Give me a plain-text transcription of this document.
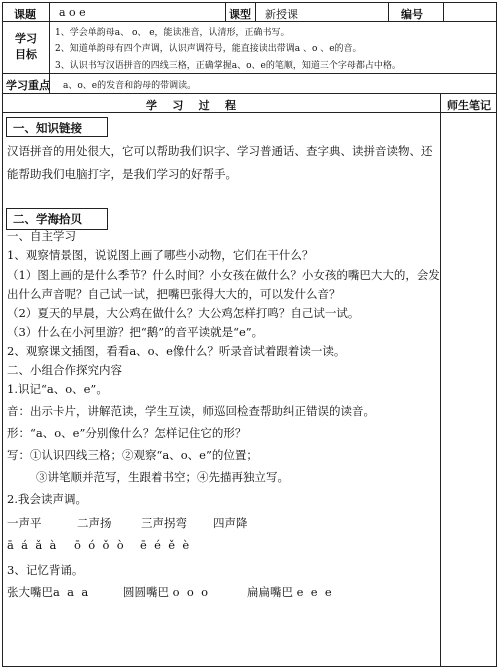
课题 a o e	课型 新授课	编号
学习
目标
1、学会单韵母a、 o、 e，能读准音，认清形，正确书写。
2、知道单韵母有四个声调，认识声调符号，能直接读出带调a 、o 、e的音。
3、认识书写汉语拼音的四线三格，正确掌握a、o、e的笔顺，知道三个字母都占中格。
学习重点 a、o、e的发音和韵母的带调读。
学    习    过    程	师生笔记
一、知识链接
汉语拼音的用处很大，它可以帮助我们识字、学习普通话、查字典、读拼音读物、还
能帮助我们电脑打字，是我们学习的好帮手。
二、学海拾贝
一、自主学习
1、观察情景图，说说图上画了哪些小动物，它们在干什么？
（1）图上画的是什么季节？什么时间？小女孩在做什么？小女孩的嘴巴大大的，会发
出什么声音呢？自己试一试，把嘴巴张得大大的，可以发什么音？
（2）夏天的早晨，大公鸡在做什么？大公鸡怎样打鸣？自己试一试。
（3）什么在小河里游？把“鹅”的音平读就是“e”。
2、观察课文插图，看看a、o、e像什么？听录音试着跟着读一读。
二、小组合作探究内容
1.识记“a、o、e”。
音：出示卡片，讲解范读，学生互读，师巡回检查帮助纠正错误的读音。
形：“a、o、e”分别像什么？怎样记住它的形？
写：①认识四线三格；②观察“a、o、e”的位置；
③讲笔顺并范写，生跟着书空；④先描再独立写。
2.我会读声调。
一声平	二声扬	三声拐弯 四声降
ā  á  ǎ  à ō  ó  ǒ  ò ē  é  ě  è
3、记忆背诵。
张大嘴巴a  a  a	圆圆嘴巴 o  o  o	扁扁嘴巴 e  e  e
